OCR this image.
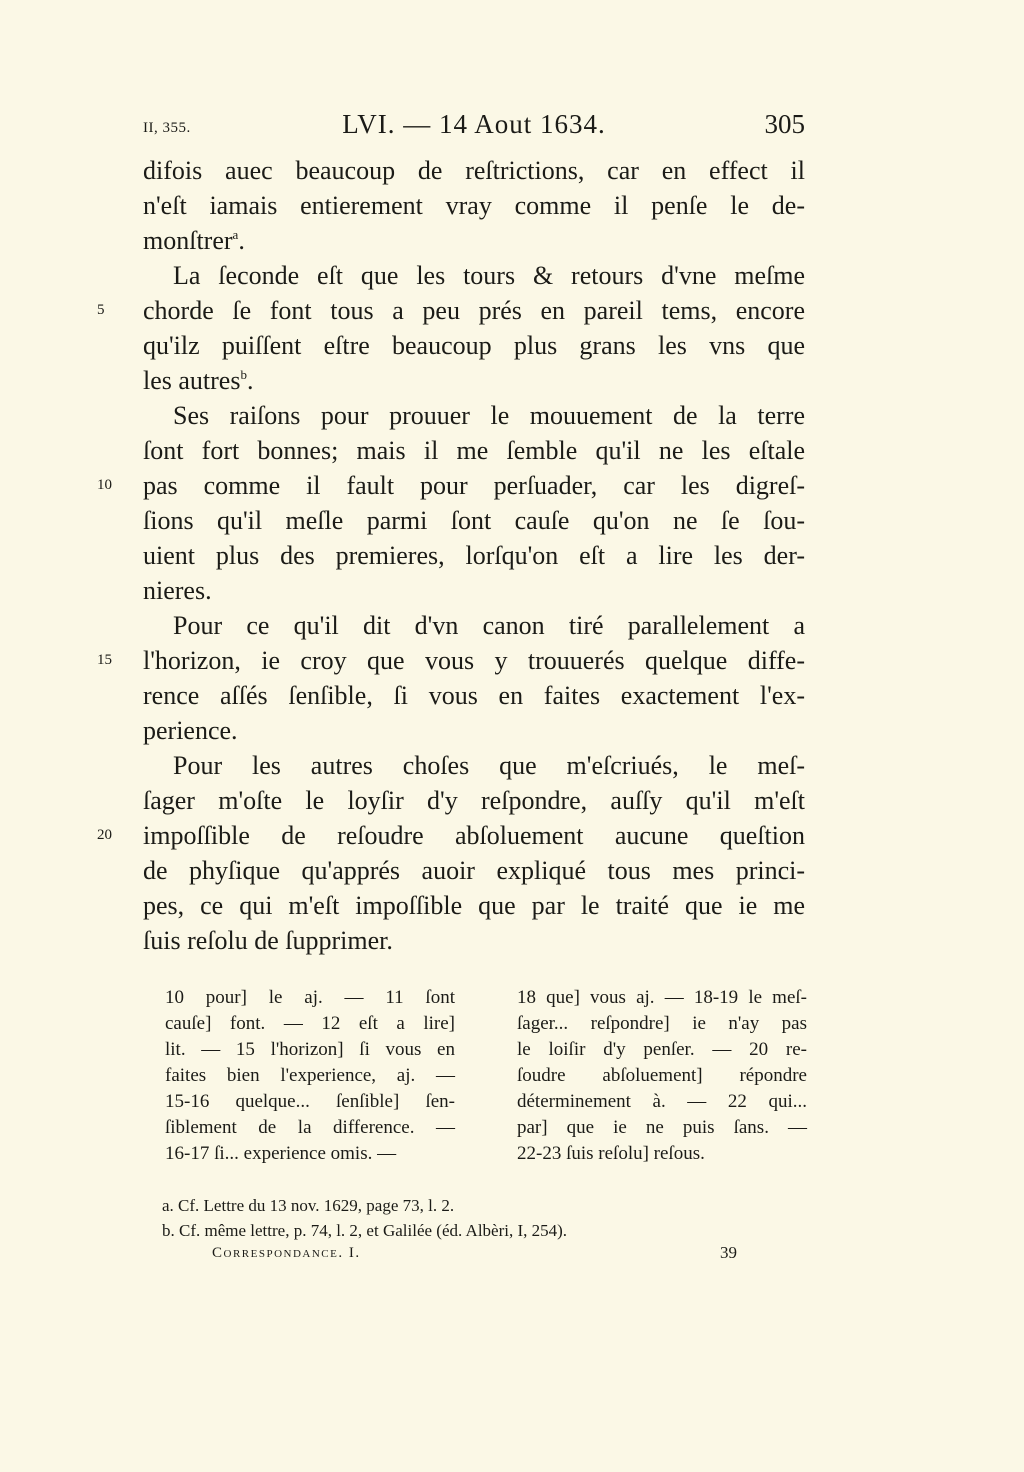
II, 355.	LVI. — 14 Aout 1634.	305
difois auec beaucoup de reſtrictions, car en effect il
n'eſt iamais entierement vray comme il penſe le de-
monſtrer$^a$.
La ſeconde eſt que les tours & retours d'vne meſme
5	chorde ſe font tous a peu prés en pareil tems, encore
qu'ilz puiſſent eſtre beaucoup plus grans les vns que
les autres$^b$.
Ses raiſons pour prouuer le mouuement de la terre
ſont fort bonnes; mais il me ſemble qu'il ne les eſtale
10	pas comme il fault pour perſuader, car les digreſ-
ſions qu'il meſle parmi ſont cauſe qu'on ne ſe ſou-
uient plus des premieres, lorſqu'on eſt a lire les der-
nieres.
Pour ce qu'il dit d'vn canon tiré parallelement a
15	l'horizon, ie croy que vous y trouuerés quelque diffe-
rence aſſés ſenſible, ſi vous en faites exactement l'ex-
perience.
Pour les autres choſes que m'eſcriués, le meſ-
ſager m'oſte le loyſir d'y reſpondre, auſſy qu'il m'eſt
20	impoſſible de reſoudre abſoluement aucune queſtion
de phyſique qu'apprés auoir expliqué tous mes princi-
pes, ce qui m'eſt impoſſible que par le traité que ie me
ſuis reſolu de ſupprimer.
10 pour] le aj. — 11 ſont
cauſe] font. — 12 eſt a lire]
lit. — 15 l'horizon] ſi vous en
faites bien l'experience, aj. —
15-16 quelque... ſenſible] ſen-
ſiblement de la difference. —
16-17 ſi... experience omis. —
18 que] vous aj. — 18-19 le meſ-
ſager... reſpondre] ie n'ay pas
le loiſir d'y penſer. — 20 re-
ſoudre abſoluement] répondre
déterminement à. — 22 qui...
par] que ie ne puis ſans. —
22-23 ſuis reſolu] reſous.
a. Cf. Lettre du 13 nov. 1629, page 73, l. 2.
b. Cf. même lettre, p. 74, l. 2, et Galilée (éd. Albèri, I, 254).
Correspondance. I.	39
